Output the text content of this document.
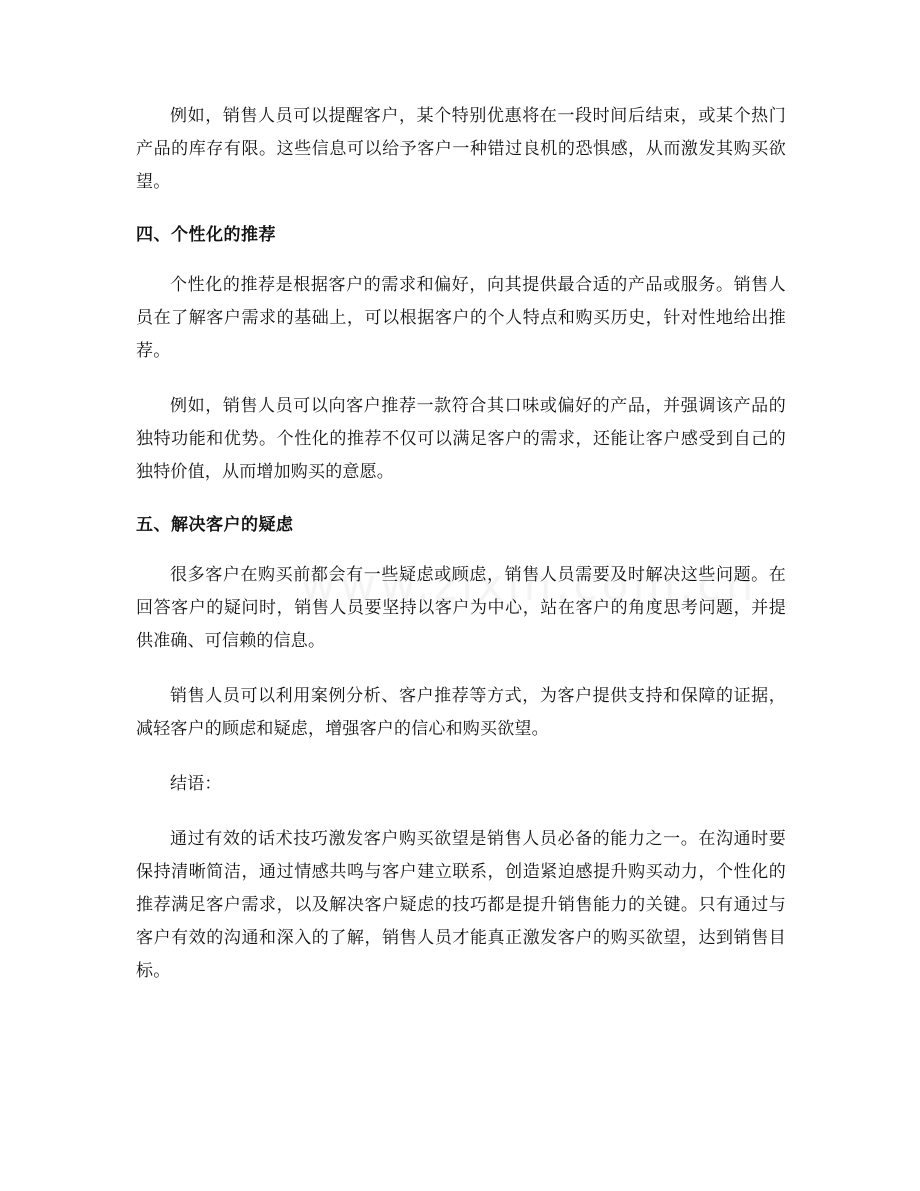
例如，销售人员可以提醒客户，某个特别优惠将在一段时间后结束，或某个热门产品的库存有限。这些信息可以给予客户一种错过良机的恐惧感，从而激发其购买欲望。

四、个性化的推荐

个性化的推荐是根据客户的需求和偏好，向其提供最合适的产品或服务。销售人员在了解客户需求的基础上，可以根据客户的个人特点和购买历史，针对性地给出推荐。

例如，销售人员可以向客户推荐一款符合其口味或偏好的产品，并强调该产品的独特功能和优势。个性化的推荐不仅可以满足客户的需求，还能让客户感受到自己的独特价值，从而增加购买的意愿。

五、解决客户的疑虑

很多客户在购买前都会有一些疑虑或顾虑，销售人员需要及时解决这些问题。在回答客户的疑问时，销售人员要坚持以客户为中心，站在客户的角度思考问题，并提供准确、可信赖的信息。

销售人员可以利用案例分析、客户推荐等方式，为客户提供支持和保障的证据，减轻客户的顾虑和疑虑，增强客户的信心和购买欲望。

结语：

通过有效的话术技巧激发客户购买欲望是销售人员必备的能力之一。在沟通时要保持清晰简洁，通过情感共鸣与客户建立联系，创造紧迫感提升购买动力，个性化的推荐满足客户需求，以及解决客户疑虑的技巧都是提升销售能力的关键。只有通过与客户有效的沟通和深入的了解，销售人员才能真正激发客户的购买欲望，达到销售目标。
